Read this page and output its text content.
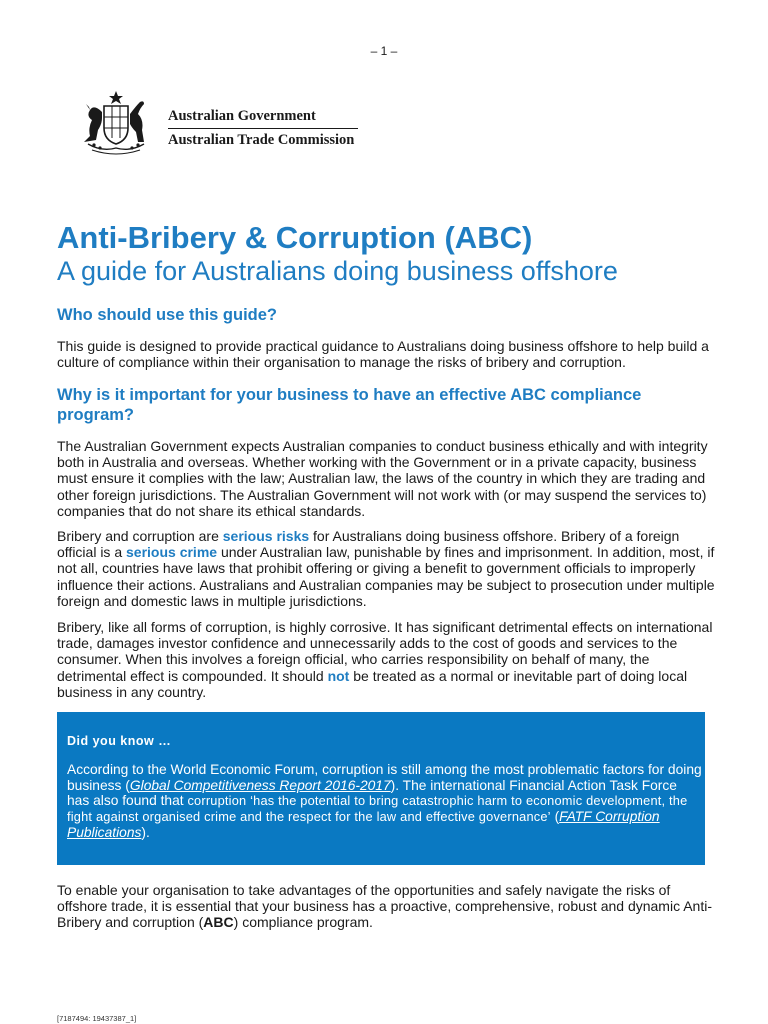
– 1 –
Australian Government
Australian Trade Commission
Anti-Bribery & Corruption (ABC)
A guide for Australians doing business offshore
Who should use this guide?
This guide is designed to provide practical guidance to Australians doing business offshore to help build a culture of compliance within their organisation to manage the risks of bribery and corruption.
Why is it important for your business to have an effective ABC compliance program?
The Australian Government expects Australian companies to conduct business ethically and with integrity both in Australia and overseas. Whether working with the Government or in a private capacity, business must ensure it complies with the law; Australian law, the laws of the country in which they are trading and other foreign jurisdictions. The Australian Government will not work with (or may suspend the services to) companies that do not share its ethical standards.
Bribery and corruption are serious risks for Australians doing business offshore. Bribery of a foreign official is a serious crime under Australian law, punishable by fines and imprisonment. In addition, most, if not all, countries have laws that prohibit offering or giving a benefit to government officials to improperly influence their actions. Australians and Australian companies may be subject to prosecution under multiple foreign and domestic laws in multiple jurisdictions.
Bribery, like all forms of corruption, is highly corrosive. It has significant detrimental effects on international trade, damages investor confidence and unnecessarily adds to the cost of goods and services to the consumer. When this involves a foreign official, who carries responsibility on behalf of many, the detrimental effect is compounded. It should not be treated as a normal or inevitable part of doing local business in any country.
Did you know …
According to the World Economic Forum, corruption is still among the most problematic factors for doing business (Global Competitiveness Report 2016-2017). The international Financial Action Task Force has also found that corruption ‘has the potential to bring catastrophic harm to economic development, the fight against organised crime and the respect for the law and effective governance’ (FATF Corruption Publications).
To enable your organisation to take advantages of the opportunities and safely navigate the risks of offshore trade, it is essential that your business has a proactive, comprehensive, robust and dynamic Anti-Bribery and corruption (ABC) compliance program.
[7187494: 19437387_1]
